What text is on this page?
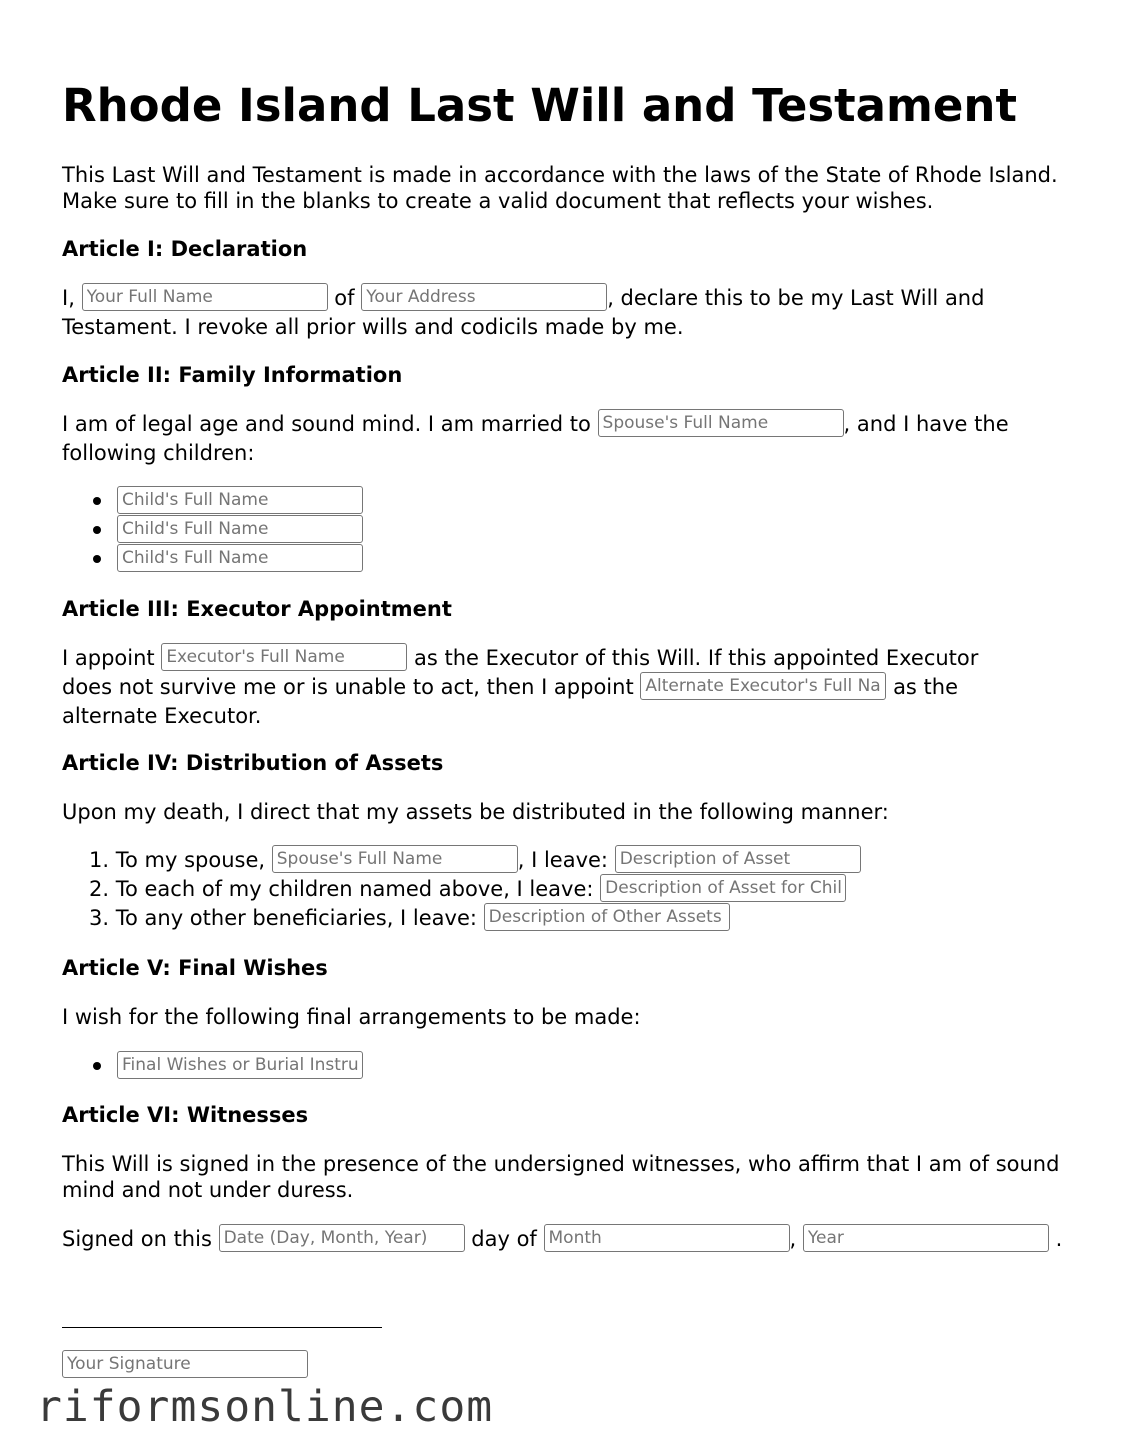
Rhode Island Last Will and Testament

This Last Will and Testament is made in accordance with the laws of the State of Rhode Island. Make sure to fill in the blanks to create a valid document that reflects your wishes.

Article I: Declaration

I, Your Full Name	of Your Address	, declare this to be my Last Will and Testament. I revoke all prior wills and codicils made by me.

Article II: Family Information

I am of legal age and sound mind. I am married to Spouse's Full Name	, and I have the following children:

Child's Full Name
Child's Full Name
Child's Full Name
Article III: Executor Appointment

I appoint Executor's Full Name	as the Executor of this Will. If this appointed Executor does not survive me or is unable to act, then I appoint Alternate Executor's Full Name	as the alternate Executor.

Article IV: Distribution of Assets

Upon my death, I direct that my assets be distributed in the following manner:

1. To my spouse, Spouse's Full Name	, I leave: Description of Asset
2. To each of my children named above, I leave: Description of Asset for Children
3. To any other beneficiaries, I leave: Description of Other Assets
Article V: Final Wishes

I wish for the following final arrangements to be made:

Final Wishes or Burial Instructions
Article VI: Witnesses

This Will is signed in the presence of the undersigned witnesses, who affirm that I am of sound mind and not under duress.

Signed on this Date (Day, Month, Year)	day of Month	, Year	.

Your Signature
riformsonline.com
